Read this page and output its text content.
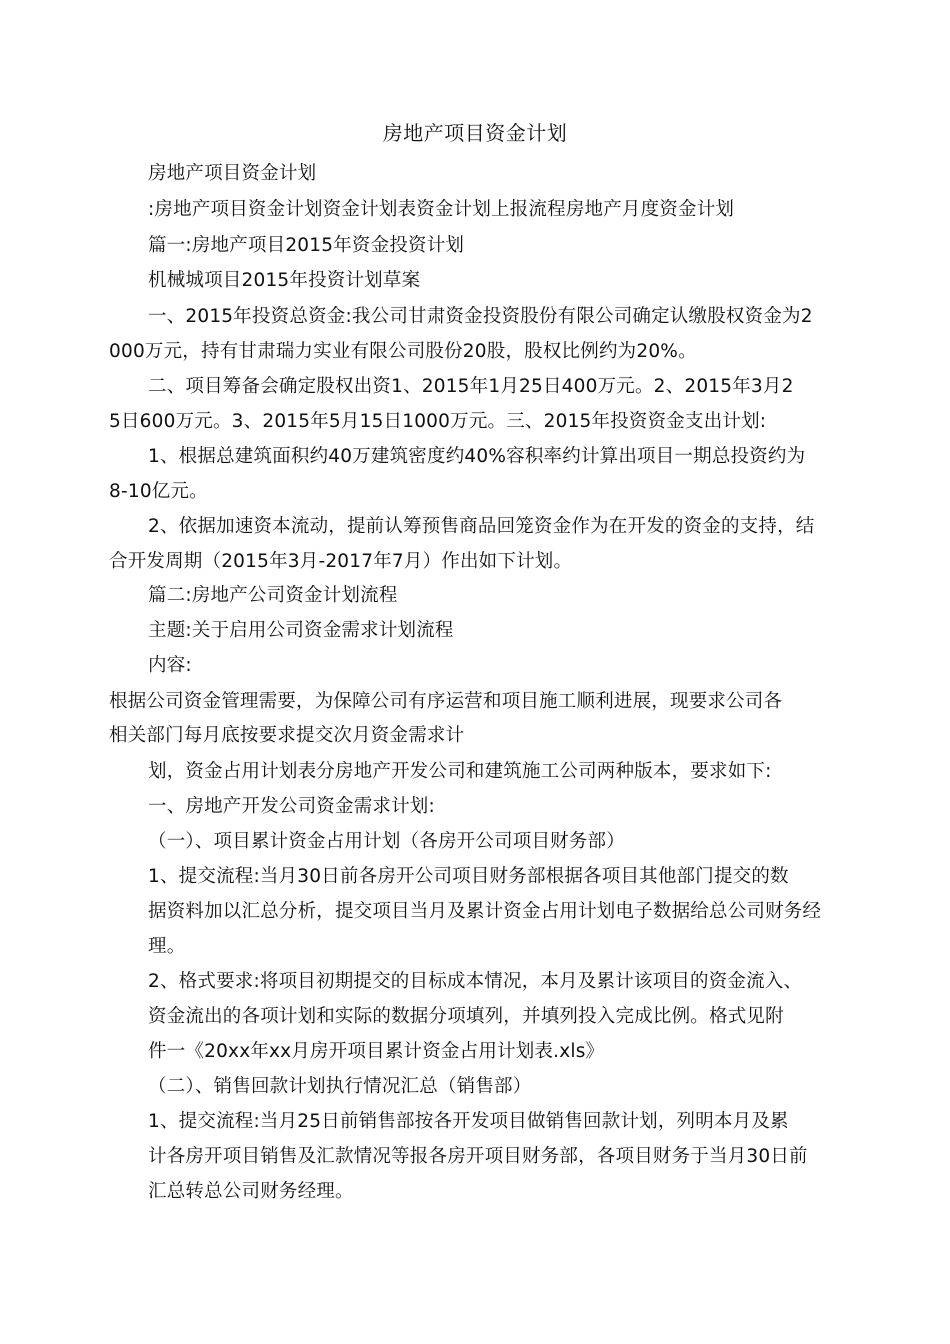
房地产项目资金计划
房地产项目资金计划
:房地产项目资金计划资金计划表资金计划上报流程房地产月度资金计划
篇一:房地产项目2015年资金投资计划
机械城项目2015年投资计划草案
一、2015年投资总资金:我公司甘肃资金投资股份有限公司确定认缴股权资金为2
000万元，持有甘肃瑞力实业有限公司股份20股，股权比例约为20%。
二、项目筹备会确定股权出资1、2015年1月25日400万元。2、2015年3月2
5日600万元。3、2015年5月15日1000万元。三、2015年投资资金支出计划:
1、根据总建筑面积约40万建筑密度约40%容积率约计算出项目一期总投资约为
8-10亿元。
2、依据加速资本流动，提前认筹预售商品回笼资金作为在开发的资金的支持，结
合开发周期（2015年3月-2017年7月）作出如下计划。
篇二:房地产公司资金计划流程
主题:关于启用公司资金需求计划流程
内容:
根据公司资金管理需要，为保障公司有序运营和项目施工顺利进展，现要求公司各
相关部门每月底按要求提交次月资金需求计
划，资金占用计划表分房地产开发公司和建筑施工公司两种版本，要求如下:
一、房地产开发公司资金需求计划:
（一）、项目累计资金占用计划（各房开公司项目财务部）
1、提交流程:当月30日前各房开公司项目财务部根据各项目其他部门提交的数
据资料加以汇总分析，提交项目当月及累计资金占用计划电子数据给总公司财务经
理。
2、格式要求:将项目初期提交的目标成本情况，本月及累计该项目的资金流入、
资金流出的各项计划和实际的数据分项填列，并填列投入完成比例。格式见附
件一《20xx年xx月房开项目累计资金占用计划表.xls》
（二）、销售回款计划执行情况汇总（销售部）
1、提交流程:当月25日前销售部按各开发项目做销售回款计划，列明本月及累
计各房开项目销售及汇款情况等报各房开项目财务部，各项目财务于当月30日前
汇总转总公司财务经理。
